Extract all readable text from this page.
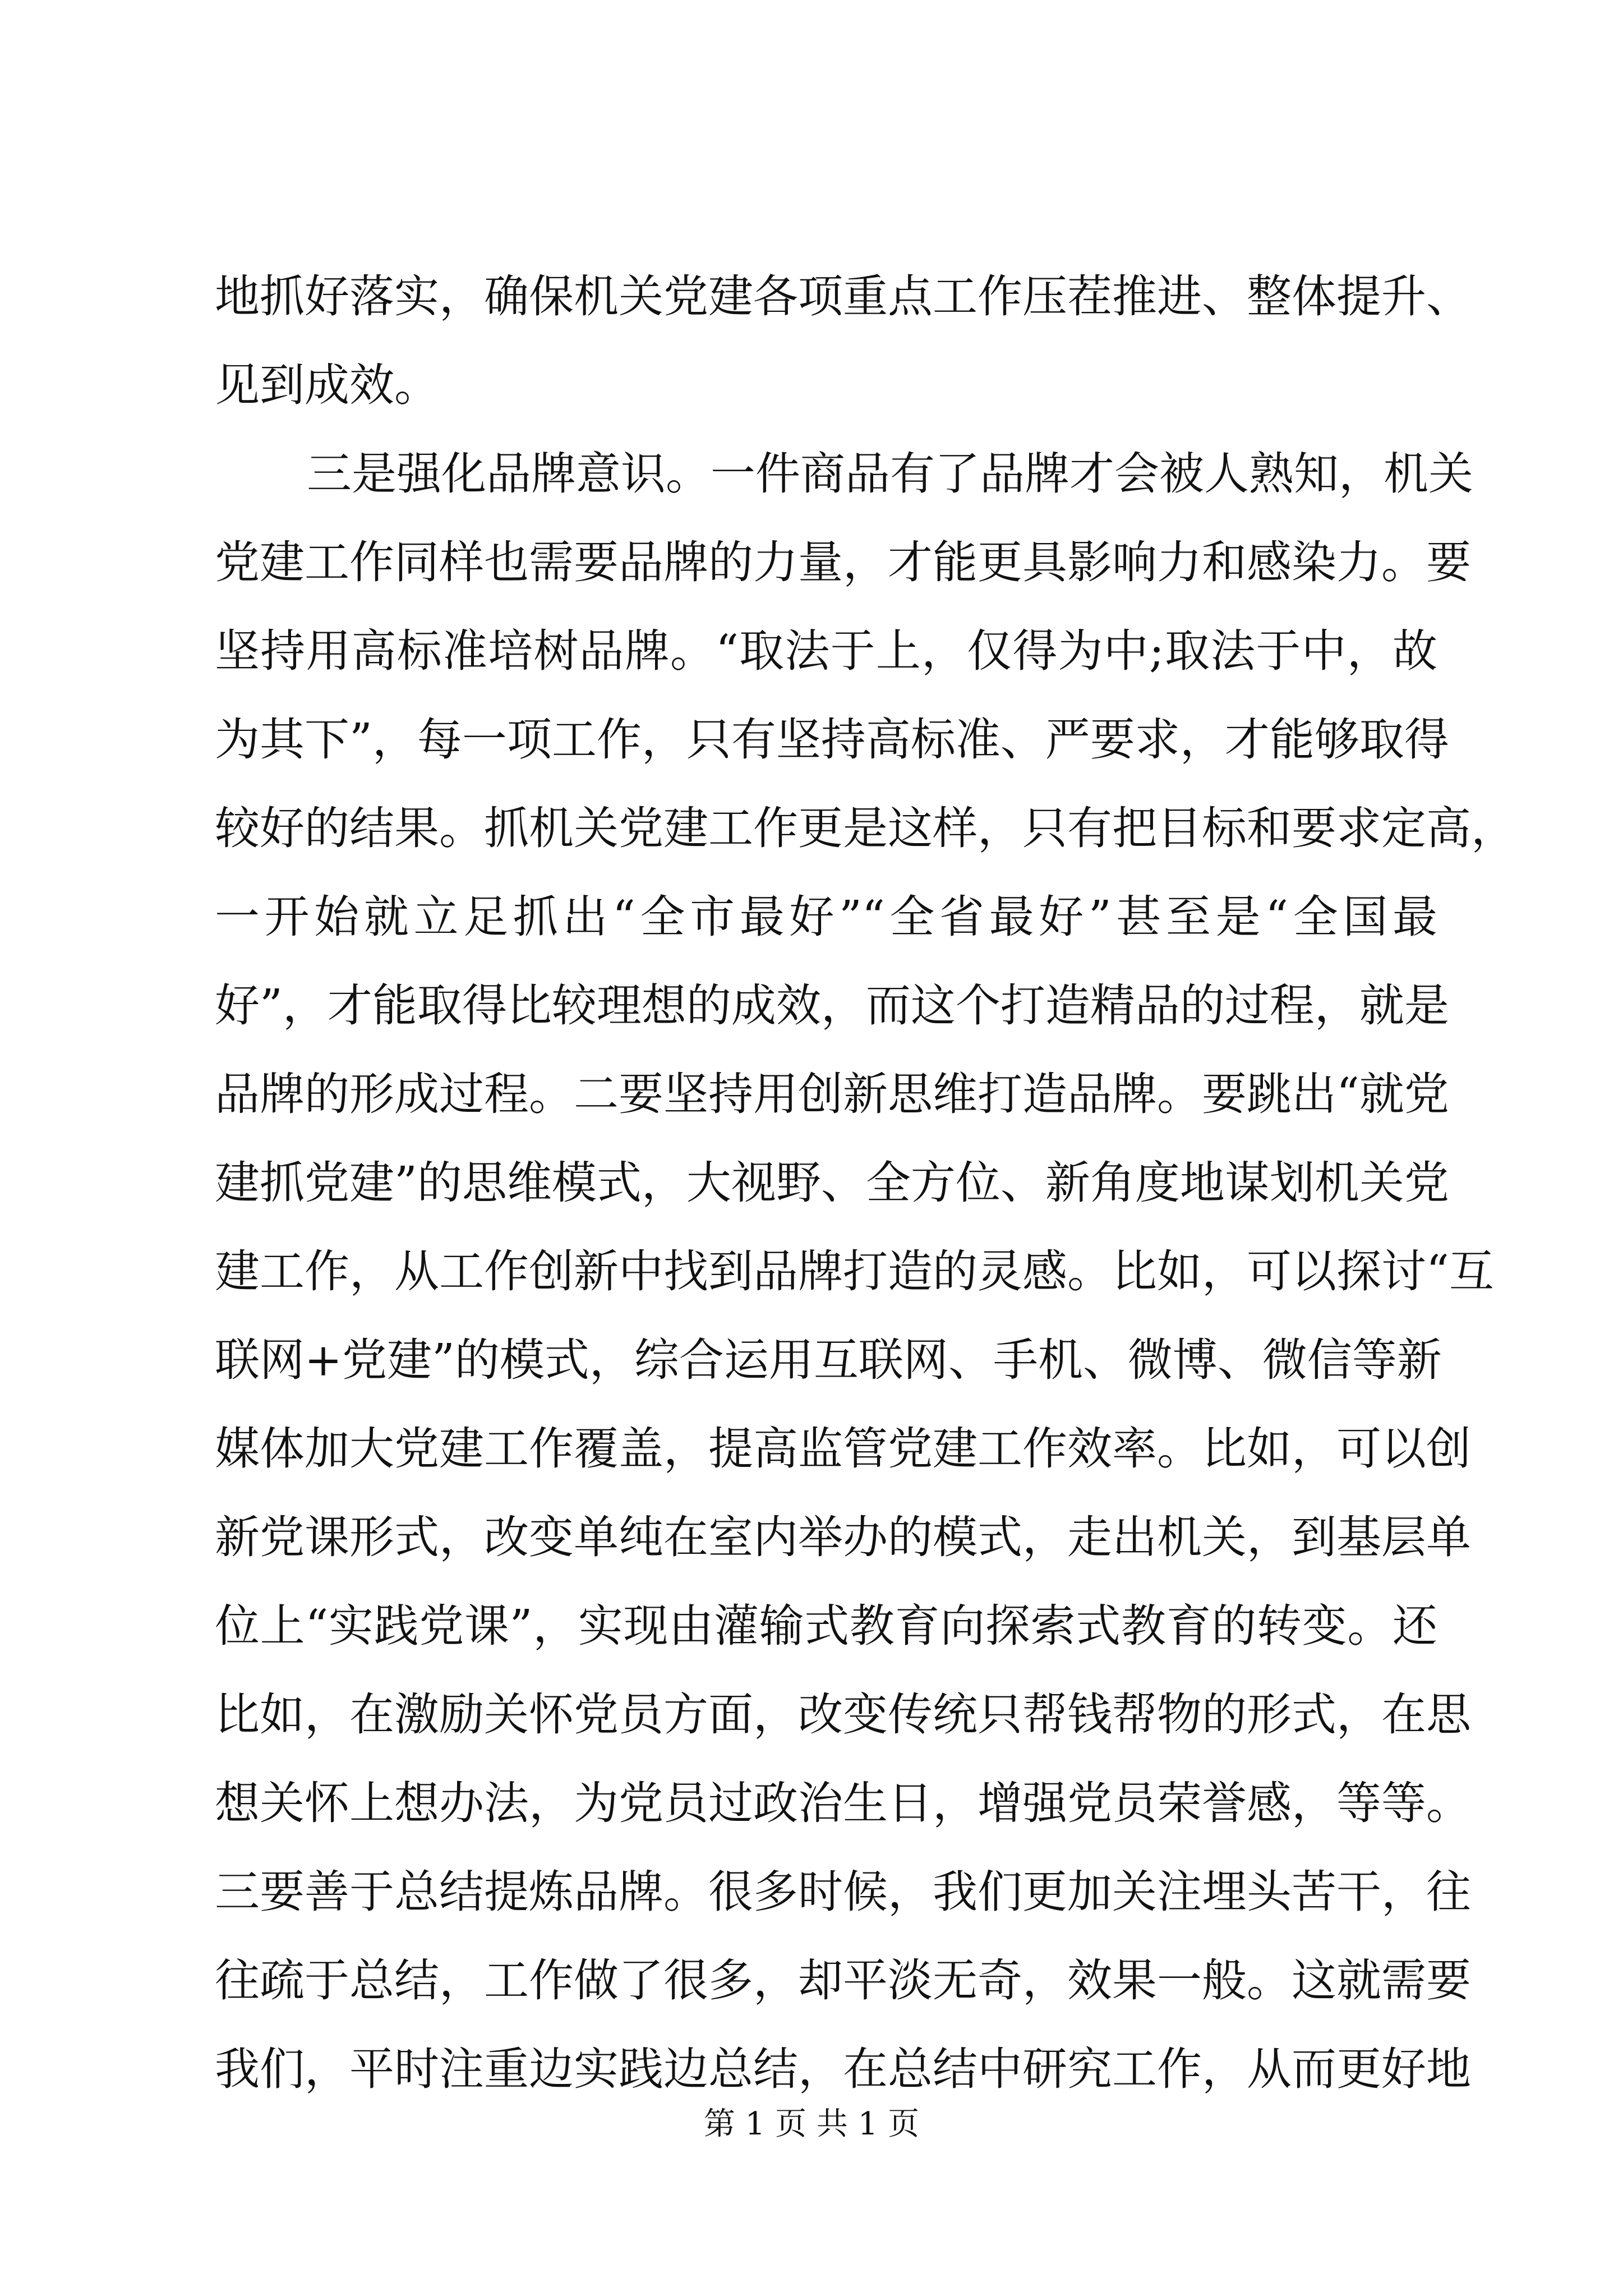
地抓好落实，确保机关党建各项重点工作压茬推进、整体提升、
见到成效。
三是强化品牌意识。一件商品有了品牌才会被人熟知，机关
党建工作同样也需要品牌的力量，才能更具影响力和感染力。要
坚持用高标准培树品牌。“取法于上，仅得为中;取法于中，故
为其下”，每一项工作，只有坚持高标准、严要求，才能够取得
较好的结果。抓机关党建工作更是这样，只有把目标和要求定高，
一开始就立足抓出“全市最好”“全省最好”甚至是“全国最
好”，才能取得比较理想的成效，而这个打造精品的过程，就是
品牌的形成过程。二要坚持用创新思维打造品牌。要跳出“就党
建抓党建”的思维模式，大视野、全方位、新角度地谋划机关党
建工作，从工作创新中找到品牌打造的灵感。比如，可以探讨“互
联网+党建”的模式，综合运用互联网、手机、微博、微信等新
媒体加大党建工作覆盖，提高监管党建工作效率。比如，可以创
新党课形式，改变单纯在室内举办的模式，走出机关，到基层单
位上“实践党课”，实现由灌输式教育向探索式教育的转变。还
比如，在激励关怀党员方面，改变传统只帮钱帮物的形式，在思
想关怀上想办法，为党员过政治生日，增强党员荣誉感，等等。
三要善于总结提炼品牌。很多时候，我们更加关注埋头苦干，往
往疏于总结，工作做了很多，却平淡无奇，效果一般。这就需要
我们，平时注重边实践边总结，在总结中研究工作，从而更好地
第 1 页 共 1 页
